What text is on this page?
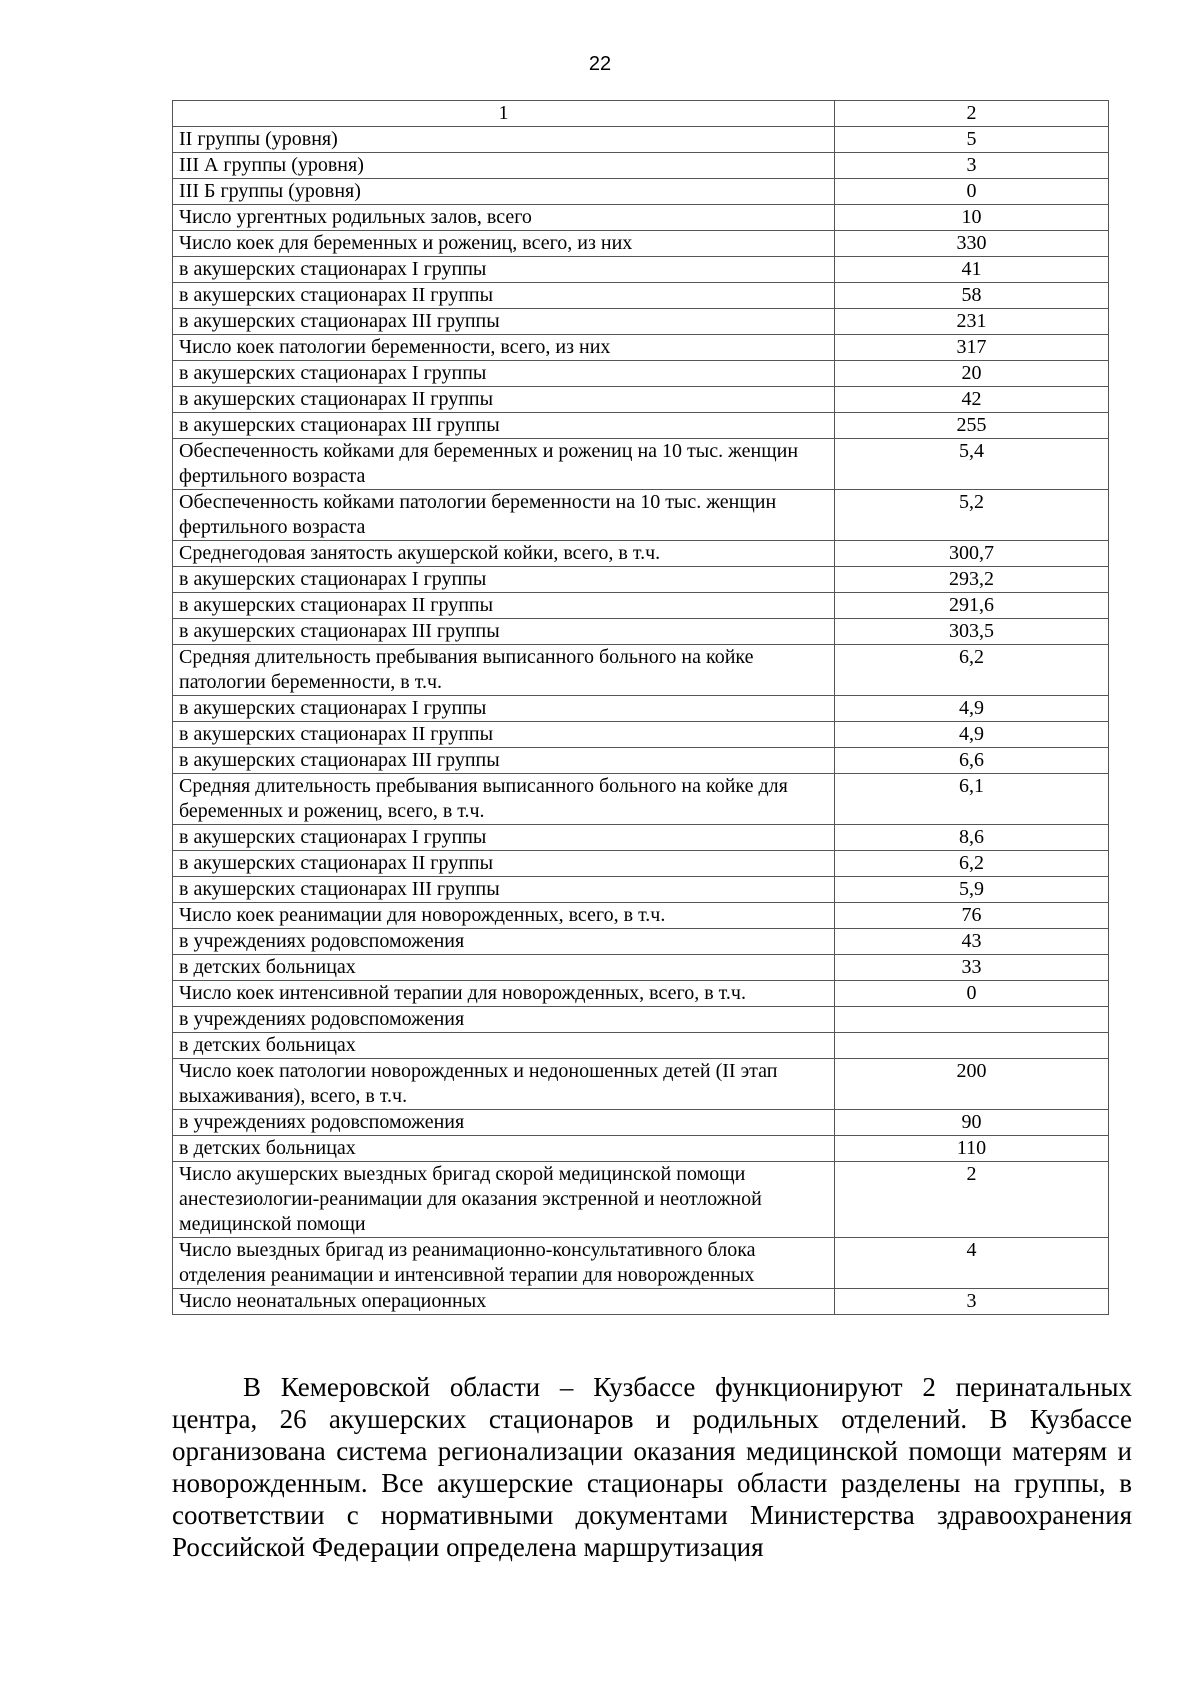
22
1	2
II группы (уровня)	5
III А группы (уровня)	3
III Б группы (уровня)	0
Число ургентных родильных залов, всего	10
Число коек для беременных и рожениц, всего, из них	330
в акушерских стационарах I группы	41
в акушерских стационарах II группы	58
в акушерских стационарах III группы	231
Число коек патологии беременности, всего, из них	317
в акушерских стационарах I группы	20
в акушерских стационарах II группы	42
в акушерских стационарах III группы	255
Обеспеченность койками для беременных и рожениц на 10 тыс. женщин фертильного возраста	5,4
Обеспеченность койками патологии беременности на 10 тыс. женщин фертильного возраста	5,2
Среднегодовая занятость акушерской койки, всего, в т.ч.	300,7
в акушерских стационарах I группы	293,2
в акушерских стационарах II группы	291,6
в акушерских стационарах III группы	303,5
Средняя длительность пребывания выписанного больного на койке патологии беременности, в т.ч.	6,2
в акушерских стационарах I группы	4,9
в акушерских стационарах II группы	4,9
в акушерских стационарах III группы	6,6
Средняя длительность пребывания выписанного больного на койке для беременных и рожениц, всего, в т.ч.	6,1
в акушерских стационарах I группы	8,6
в акушерских стационарах II группы	6,2
в акушерских стационарах III группы	5,9
Число коек реанимации для новорожденных, всего, в т.ч.	76
в учреждениях родовспоможения	43
в детских больницах	33
Число коек интенсивной терапии для новорожденных, всего, в т.ч.	0
в учреждениях родовспоможения	
в детских больницах	
Число коек патологии новорожденных и недоношенных детей (II этап выхаживания), всего, в т.ч.	200
в учреждениях родовспоможения	90
в детских больницах	110
Число акушерских выездных бригад скорой медицинской помощи анестезиологии-реанимации для оказания экстренной и неотложной медицинской помощи	2
Число выездных бригад из реанимационно-консультативного блока отделения реанимации и интенсивной терапии для новорожденных	4
Число неонатальных операционных	3

В Кемеровской области – Кузбассе функционируют 2 перинатальных центра, 26 акушерских стационаров и родильных отделений. В Кузбассе организована система регионализации оказания медицинской помощи матерям и новорожденным. Все акушерские стационары области разделены на группы, в соответствии с нормативными документами Министерства здравоохранения Российской Федерации определена маршрутизация
